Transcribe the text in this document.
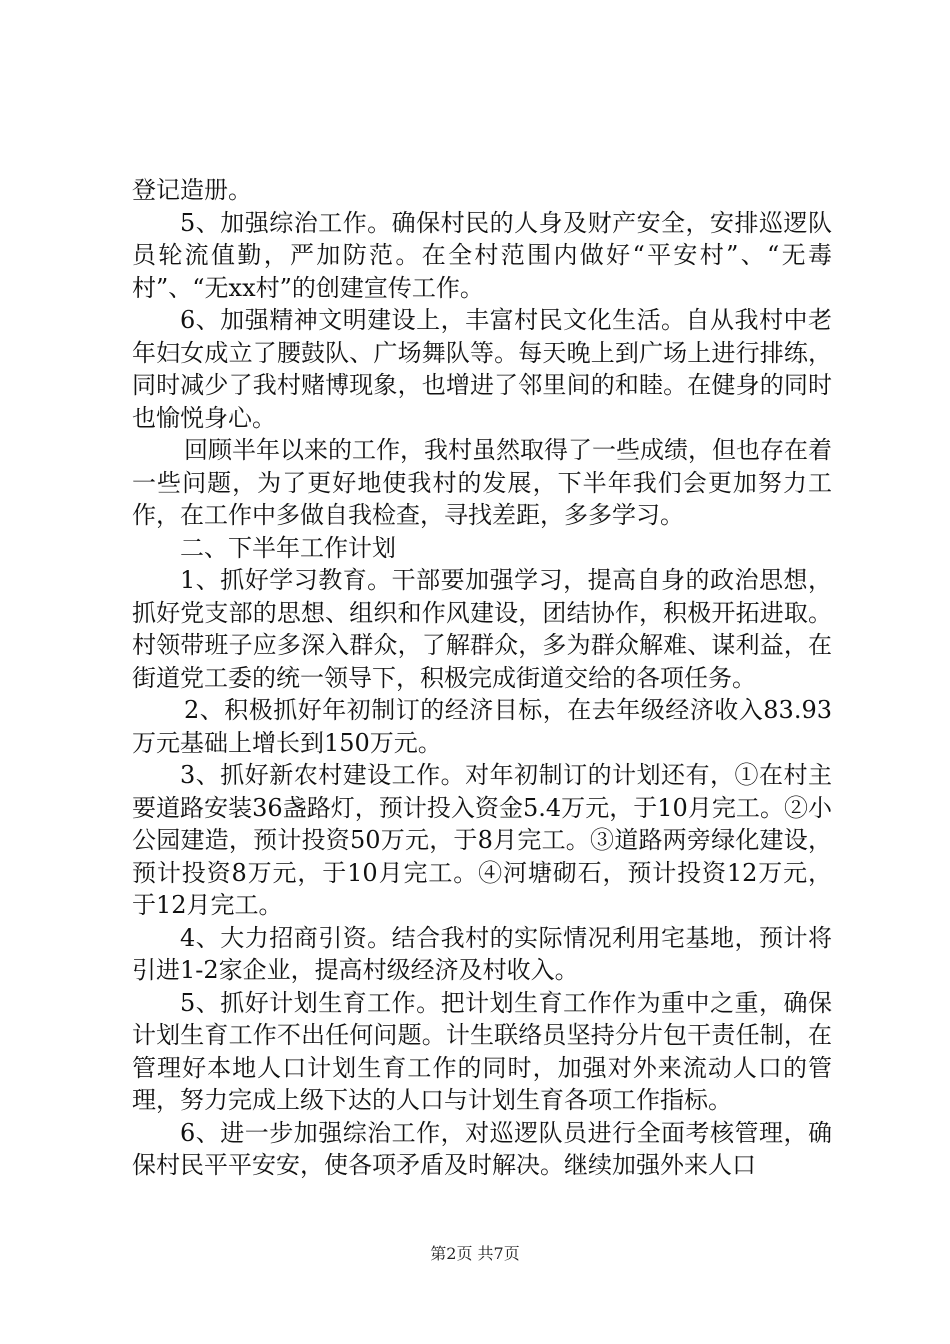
登记造册。

5、加强综治工作。确保村民的人身及财产安全，安排巡逻队员轮流值勤，严加防范。在全村范围内做好“平安村”、“无毒村”、“无xx村”的创建宣传工作。

6、加强精神文明建设上，丰富村民文化生活。自从我村中老年妇女成立了腰鼓队、广场舞队等。每天晚上到广场上进行排练，同时减少了我村赌博现象，也增进了邻里间的和睦。在健身的同时也愉悦身心。

回顾半年以来的工作，我村虽然取得了一些成绩，但也存在着一些问题，为了更好地使我村的发展，下半年我们会更加努力工作，在工作中多做自我检查，寻找差距，多多学习。

二、下半年工作计划

1、抓好学习教育。干部要加强学习，提高自身的政治思想，抓好党支部的思想、组织和作风建设，团结协作，积极开拓进取。村领带班子应多深入群众，了解群众，多为群众解难、谋利益，在街道党工委的统一领导下，积极完成街道交给的各项任务。

2、积极抓好年初制订的经济目标，在去年级经济收入83.93万元基础上增长到150万元。

3、抓好新农村建设工作。对年初制订的计划还有，①在村主要道路安装36盏路灯，预计投入资金5.4万元，于10月完工。②小公园建造，预计投资50万元，于8月完工。③道路两旁绿化建设，预计投资8万元，于10月完工。④河塘砌石，预计投资12万元，于12月完工。

4、大力招商引资。结合我村的实际情况利用宅基地，预计将引进1-2家企业，提高村级经济及村收入。

5、抓好计划生育工作。把计划生育工作作为重中之重，确保计划生育工作不出任何问题。计生联络员坚持分片包干责任制，在管理好本地人口计划生育工作的同时，加强对外来流动人口的管理，努力完成上级下达的人口与计划生育各项工作指标。

6、进一步加强综治工作，对巡逻队员进行全面考核管理，确保村民平平安安，使各项矛盾及时解决。继续加强外来人口

第2页 共7页
